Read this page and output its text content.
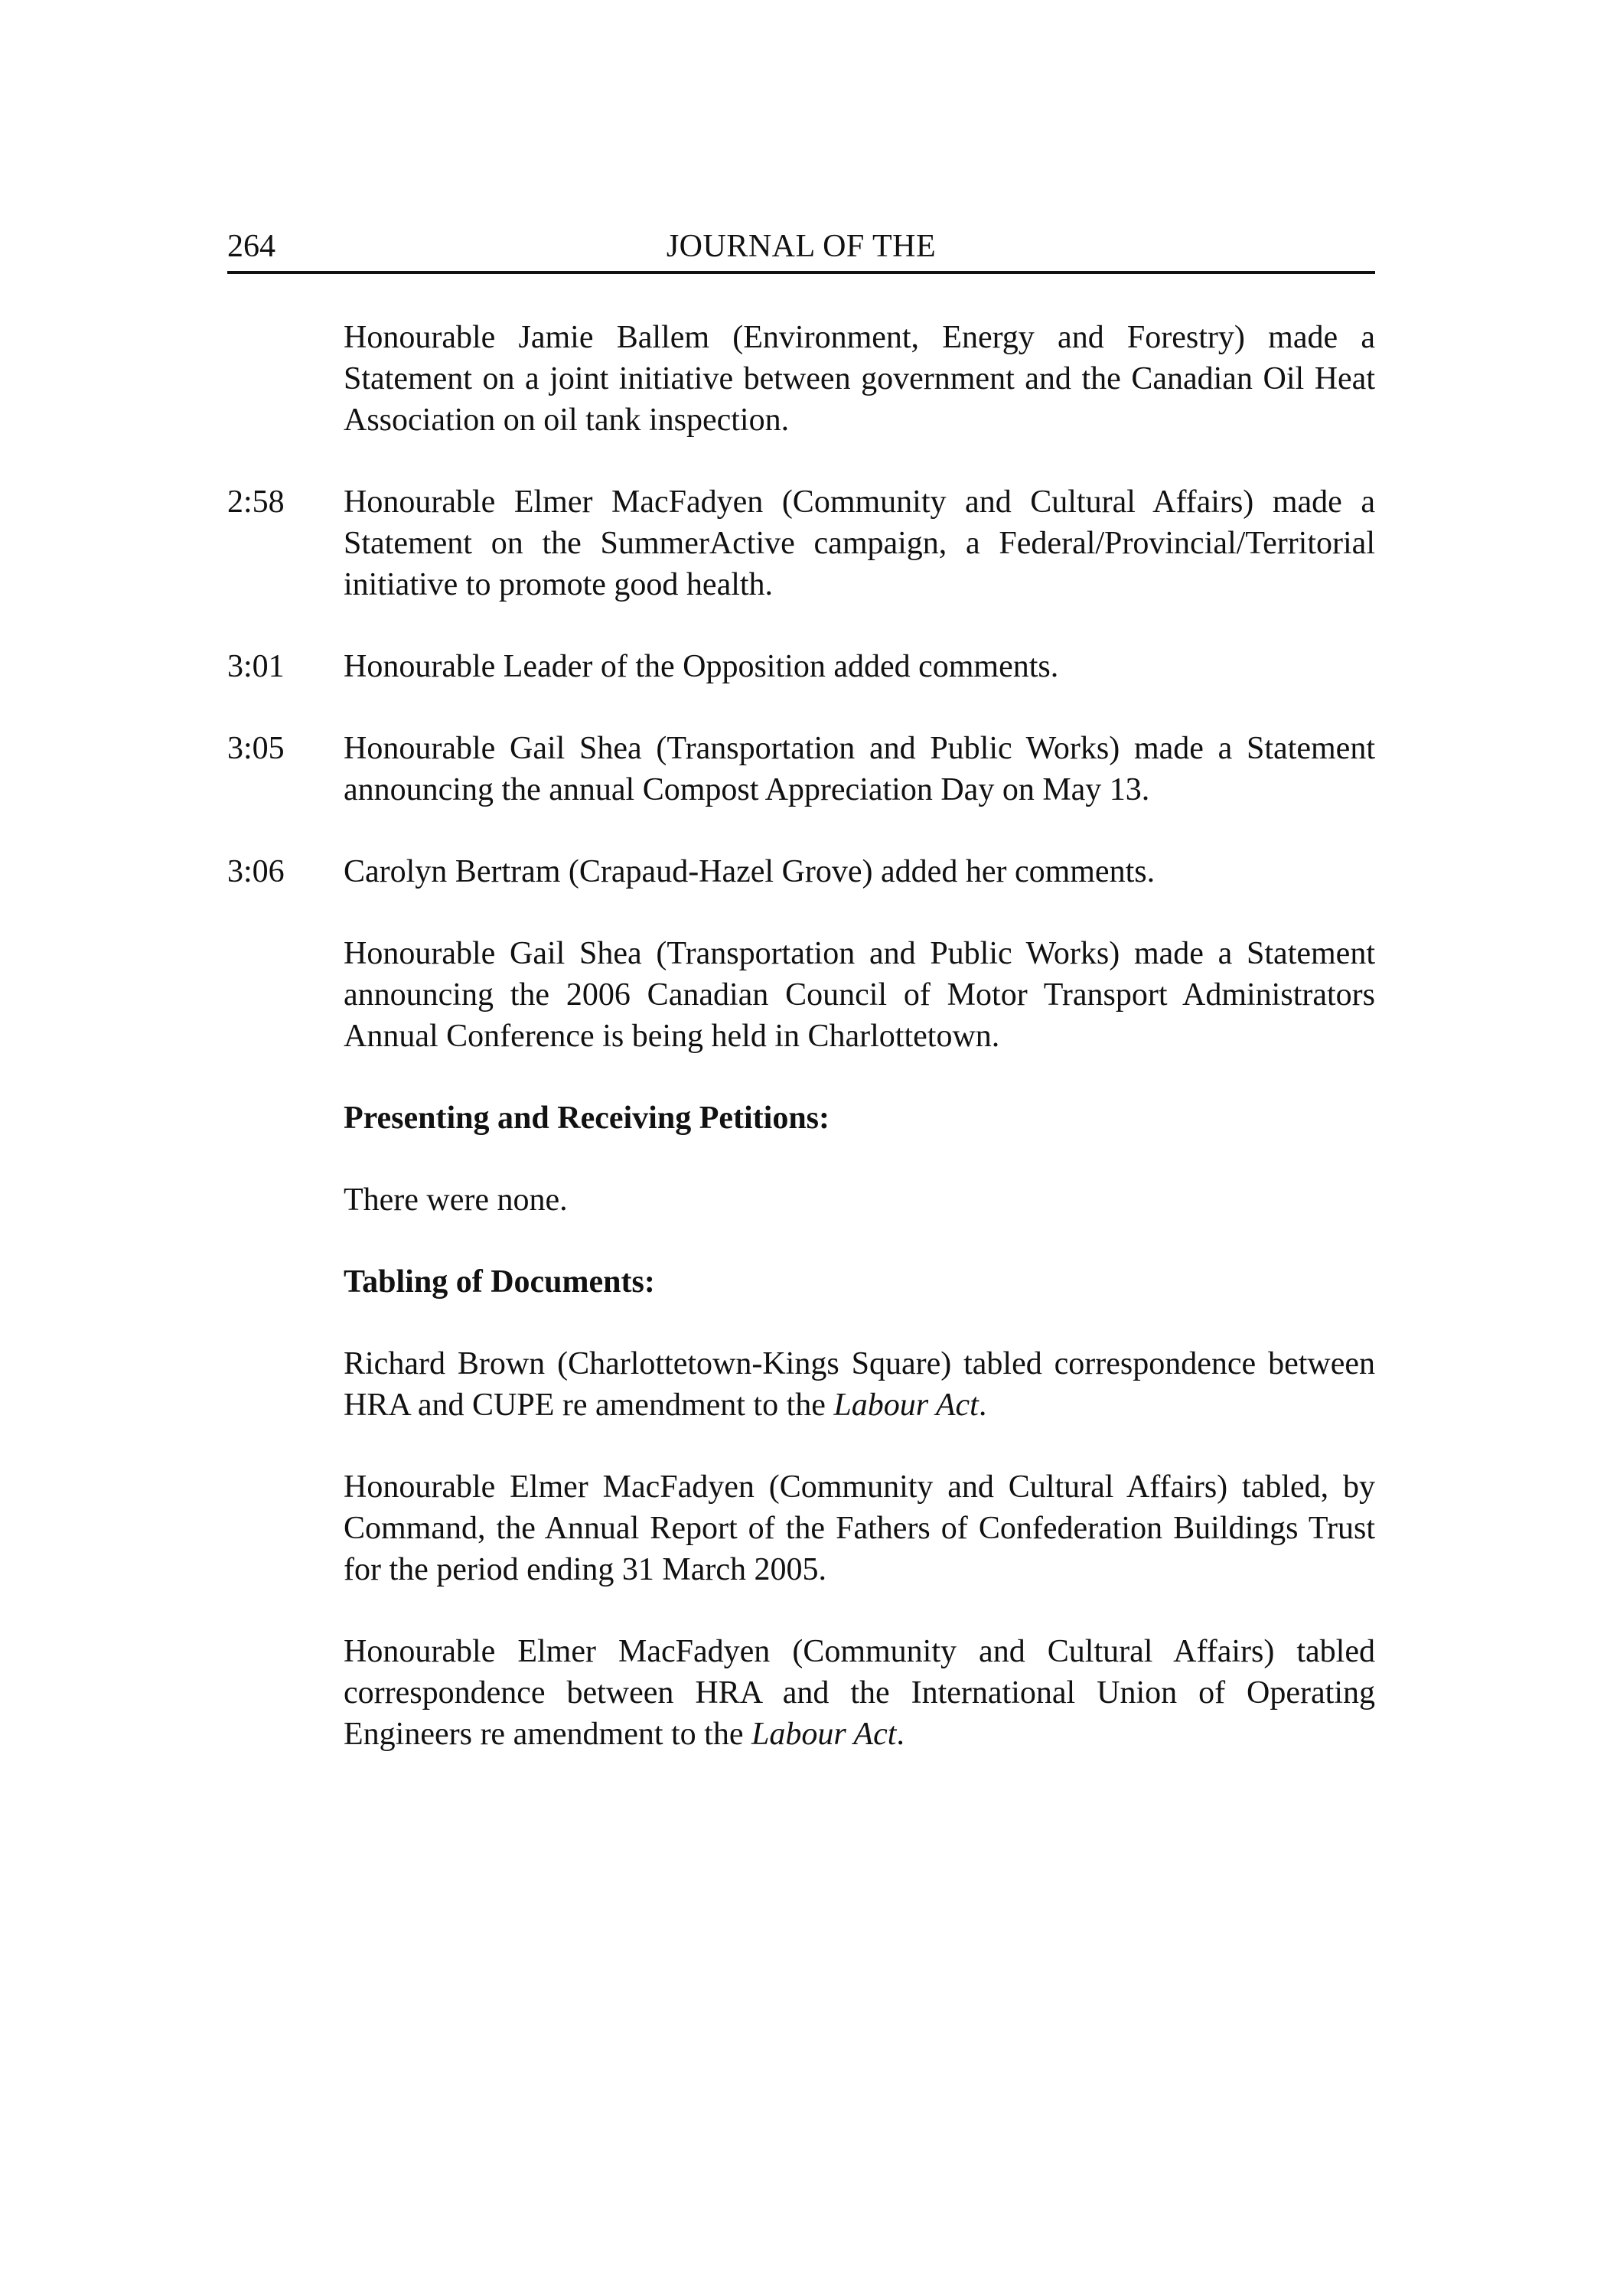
JOURNAL OF THE
264
Honourable Jamie Ballem (Environment, Energy and Forestry) made a Statement on a joint initiative between government and the Canadian Oil Heat Association on oil tank inspection.
2:58	Honourable Elmer MacFadyen (Community and Cultural Affairs) made a Statement on the SummerActive campaign, a Federal/Provincial/Territorial initiative to promote good health.
3:01	Honourable Leader of the Opposition added comments.
3:05	Honourable Gail Shea (Transportation and Public Works) made a Statement announcing the annual Compost Appreciation Day on May 13.
3:06	Carolyn Bertram (Crapaud-Hazel Grove) added her comments.
Honourable Gail Shea (Transportation and Public Works) made a Statement announcing the 2006 Canadian Council of Motor Transport Administrators Annual Conference is being held in Charlottetown.
Presenting and Receiving Petitions:
There were none.
Tabling of Documents:
Richard Brown (Charlottetown-Kings Square) tabled correspondence between HRA and CUPE re amendment to the Labour Act.
Honourable Elmer MacFadyen (Community and Cultural Affairs) tabled, by Command, the Annual Report of the Fathers of Confederation Buildings Trust for the period ending 31 March 2005.
Honourable Elmer MacFadyen (Community and Cultural Affairs) tabled correspondence between HRA and the International Union of Operating Engineers re amendment to the Labour Act.
